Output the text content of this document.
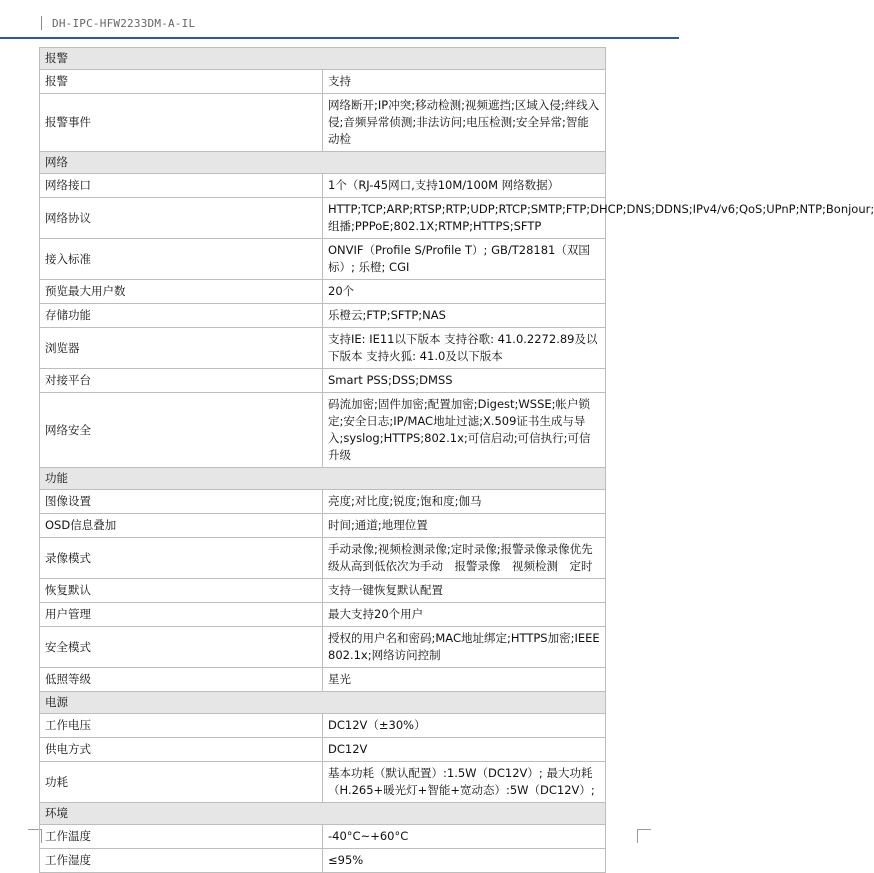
DH-IPC-HFW2233DM-A-IL
报警	
报警	支持
报警事件	网络断开;IP冲突;移动检测;视频遮挡;区域入侵;绊线入侵;音频异常侦测;非法访问;电压检测;安全异常;智能动检
网络	
网络接口	1个（RJ-45网口,支持10M/100M 网络数据）
网络协议	HTTP;TCP;ARP;RTSP;RTP;UDP;RTCP;SMTP;FTP;DHCP;DNS;DDNS;IPv4/v6;QoS;UPnP;NTP;Bonjour;组播;PPPoE;802.1X;RTMP;HTTPS;SFTP
接入标准	ONVIF（Profile S/Profile T）; GB/T28181（双国标）; 乐橙; CGI
预览最大用户数	20个
存储功能	乐橙云;FTP;SFTP;NAS
浏览器	支持IE: IE11以下版本 支持谷歌: 41.0.2272.89及以下版本 支持火狐: 41.0及以下版本
对接平台	Smart PSS;DSS;DMSS
网络安全	码流加密;固件加密;配置加密;Digest;WSSE;帐户锁定;安全日志;IP/MAC地址过滤;X.509证书生成与导入;syslog;HTTPS;802.1x;可信启动;可信执行;可信升级
功能	
图像设置	亮度;对比度;锐度;饱和度;伽马
OSD信息叠加	时间;通道;地理位置
录像模式	手动录像;视频检测录像;定时录像;报警录像录像优先级从高到低依次为手动　报警录像　视频检测　定时
恢复默认	支持一键恢复默认配置
用户管理	最大支持20个用户
安全模式	授权的用户名和密码;MAC地址绑定;HTTPS加密;IEEE 802.1x;网络访问控制
低照等级	星光
电源	
工作电压	DC12V（±30%）
供电方式	DC12V
功耗	基本功耗（默认配置）:1.5W（DC12V）; 最大功耗（H.265+暖光灯+智能+宽动态）:5W（DC12V）;
环境	
工作温度	-40°C~+60°C
工作湿度	≤95%
